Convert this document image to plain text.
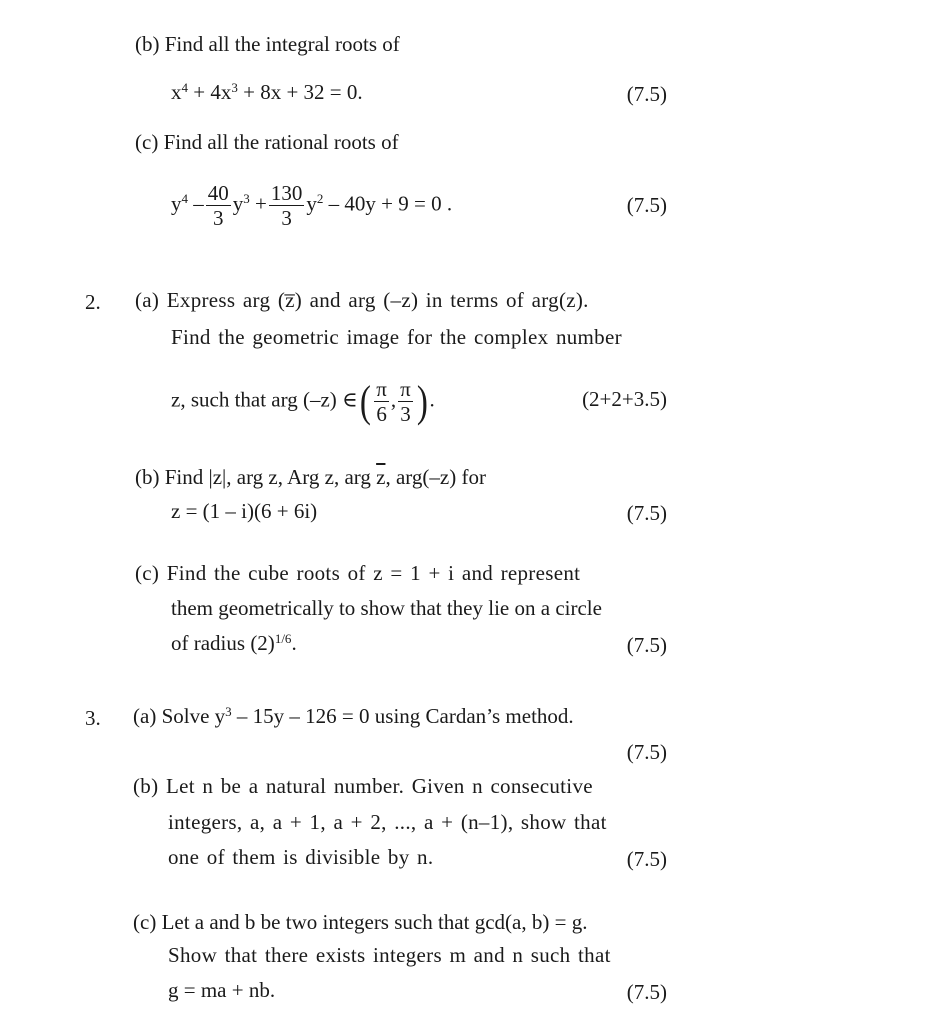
(b) Find all the integral roots of
$x^4 + 4x^3 + 8x + 32 = 0$.	(7.5)
(c) Find all the rational roots of
$y^4 - \frac{40}{3} y^3 + \frac{130}{3} y^2 - 40y + 9 = 0$ .	(7.5)
2. (a) Express arg (z̅) and arg (–z) in terms of arg(z).
Find the geometric image for the complex number
z, such that arg (–z) ∈( $\frac{\pi}{6}$ , $\frac{\pi}{3}$ ).	(2+2+3.5)
(b) Find |z|, arg z, Arg z, arg $\overline{z}$, arg(–z) for
z = (1 – i)(6 + 6i)	(7.5)
(c) Find the cube roots of z = 1 + i and represent
them geometrically to show that they lie on a circle
of radius $(2)^{1/6}$.	(7.5)
3. (a) Solve $y^3 - 15y - 126 = 0$ using Cardan’s method.
(7.5)
(b) Let n be a natural number. Given n consecutive
integers, a, a + 1, a + 2, ..., a + (n–1), show that
one of them is divisible by n.	(7.5)
(c) Let a and b be two integers such that gcd(a, b) = g.
Show that there exists integers m and n such that
g = ma + nb.	(7.5)
